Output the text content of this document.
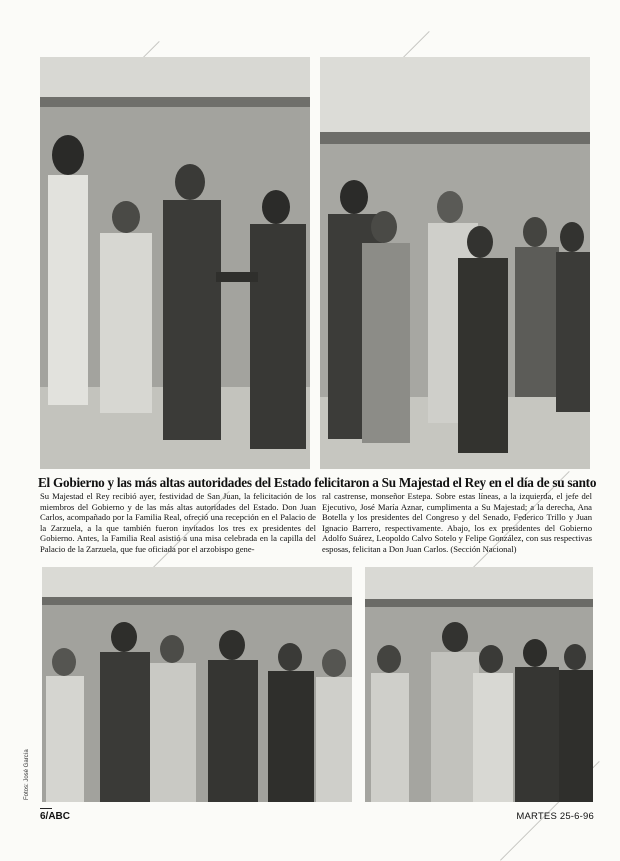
El Gobierno y las más altas autoridades del Estado felicitaron a Su Majestad el Rey en el día de su santo
Su Majestad el Rey recibió ayer, festividad de San Juan, la felicitación de los miembros del Gobierno y de las más altas autoridades del Estado. Don Juan Carlos, acompañado por la Familia Real, ofreció una recepción en el Palacio de la Zarzuela, a la que también fueron invitados los tres ex presidentes del Gobierno. Antes, la Familia Real asistió a una misa celebrada en la capilla del Palacio de la Zarzuela, que fue oficiada por el arzobispo gene-
ral castrense, monseñor Estepa. Sobre estas líneas, a la izquierda, el jefe del Ejecutivo, José María Aznar, cumplimenta a Su Majestad; a la derecha, Ana Botella y los presidentes del Congreso y del Senado, Federico Trillo y Juan Ignacio Barrero, respectivamente. Abajo, los ex presidentes del Gobierno Adolfo Suárez, Leopoldo Calvo Sotelo y Felipe González, con sus respectivas esposas, felicitan a Don Juan Carlos. (Sección Nacional)
Fotos: José García
6/ABC	MARTES 25-6-96
